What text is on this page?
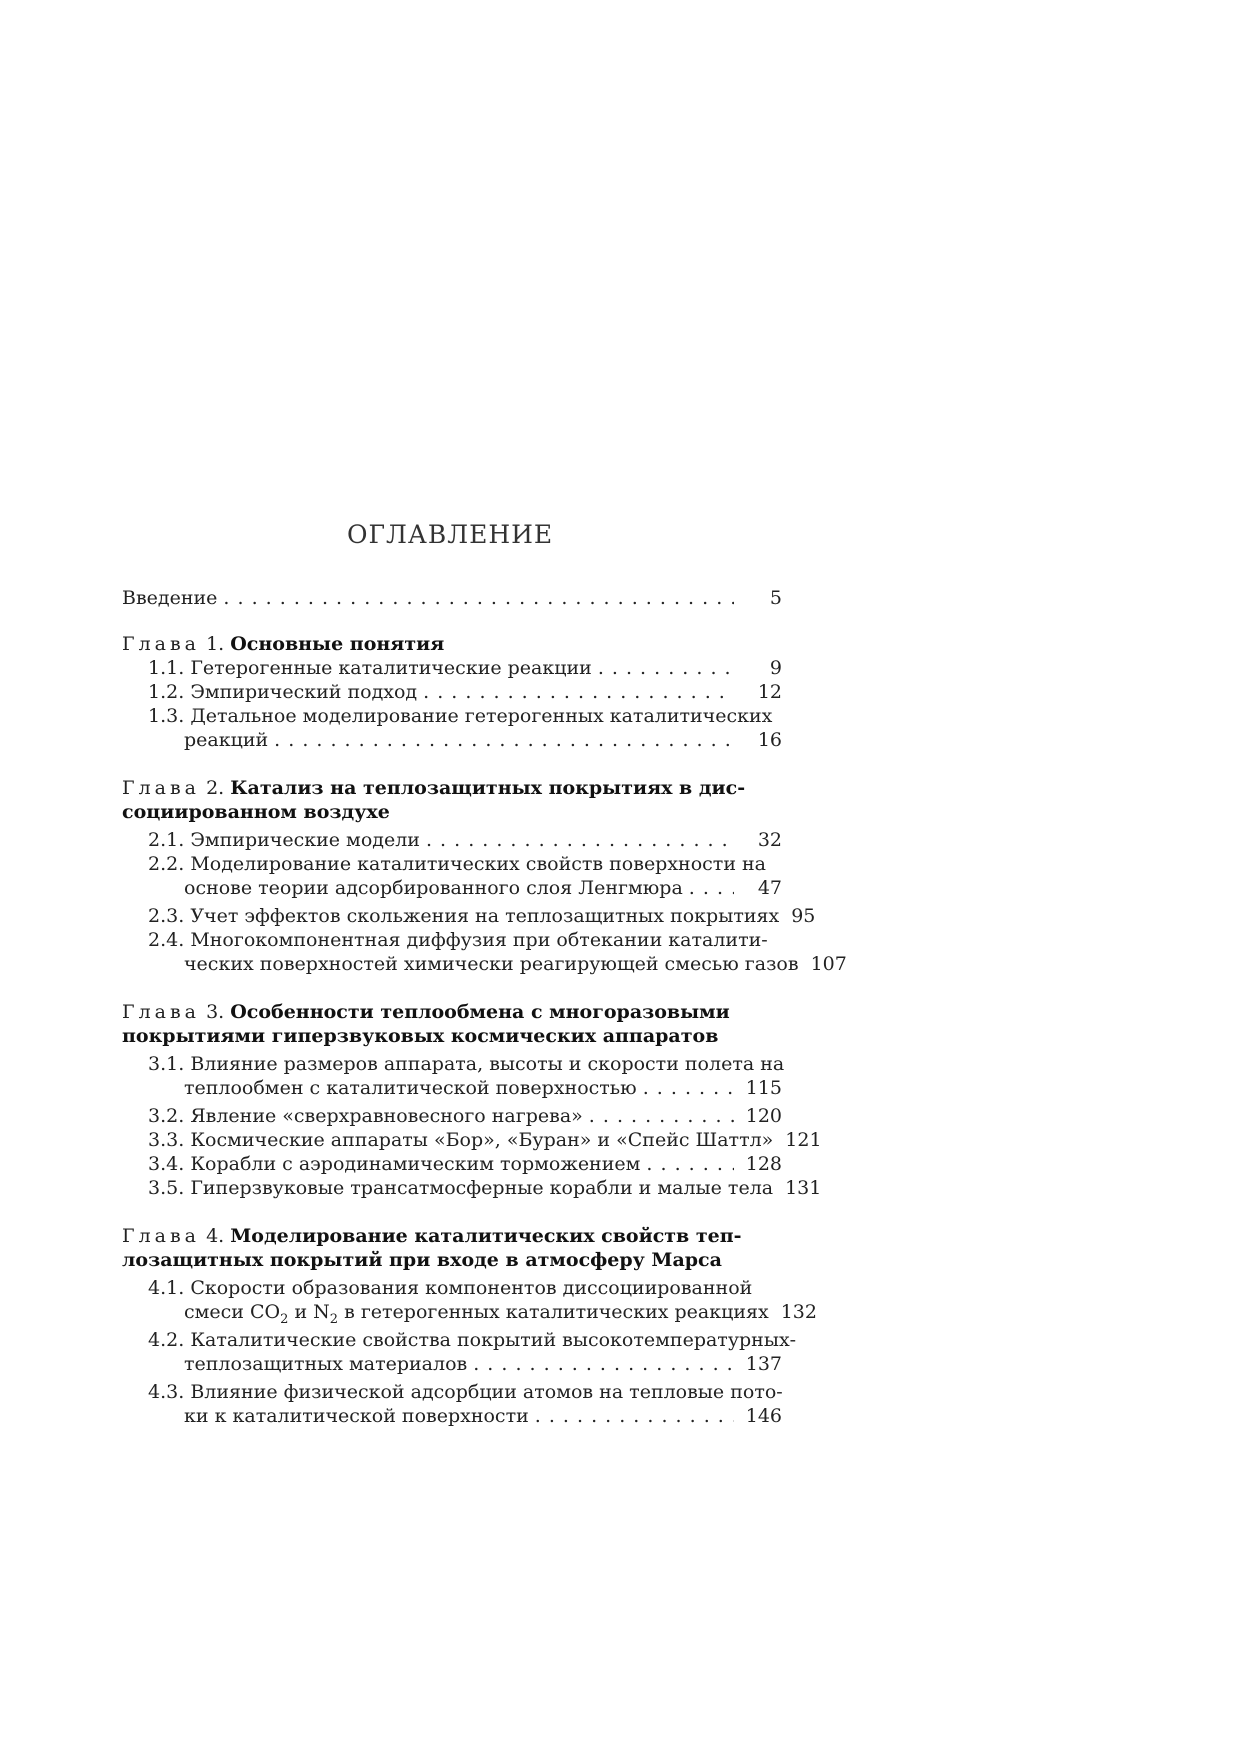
ОГЛАВЛЕНИЕ
Введение . . .	5
Глава 1. Основные понятия
1.1. Гетерогенные каталитические реакции . . .	9
1.2. Эмпирический подход . . .	12
1.3. Детальное моделирование гетерогенных каталитических
реакций . . .	16
Глава 2. Катализ на теплозащитных покрытиях в дис-
социированном воздухе
2.1. Эмпирические модели . . .	32
2.2. Моделирование каталитических свойств поверхности на
основе теории адсорбированного слоя Ленгмюра . . .	47
2.3. Учет эффектов скольжения на теплозащитных покрытиях 95
2.4. Многокомпонентная диффузия при обтекании каталити-
ческих поверхностей химически реагирующей смесью газов 107
Глава 3. Особенности теплообмена с многоразовыми
покрытиями гиперзвуковых космических аппаратов
3.1. Влияние размеров аппарата, высоты и скорости полета на
теплообмен с каталитической поверхностью . . .	115
3.2. Явление «сверхравновесного нагрева» . . .	120
3.3. Космические аппараты «Бор», «Буран» и «Спейс Шаттл» 121
3.4. Корабли с аэродинамическим торможением . . .	128
3.5. Гиперзвуковые трансатмосферные корабли и малые тела 131
Глава 4. Моделирование каталитических свойств теп-
лозащитных покрытий при входе в атмосферу Марса
4.1. Скорости образования компонентов диссоциированной
смеси $CO_2$ и $N_2$ в гетерогенных каталитических реакциях 132
4.2. Каталитические свойства покрытий высокотемпературных-
теплозащитных материалов . . .	137
4.3. Влияние физической адсорбции атомов на тепловые пото-
ки к каталитической поверхности . . .	146
